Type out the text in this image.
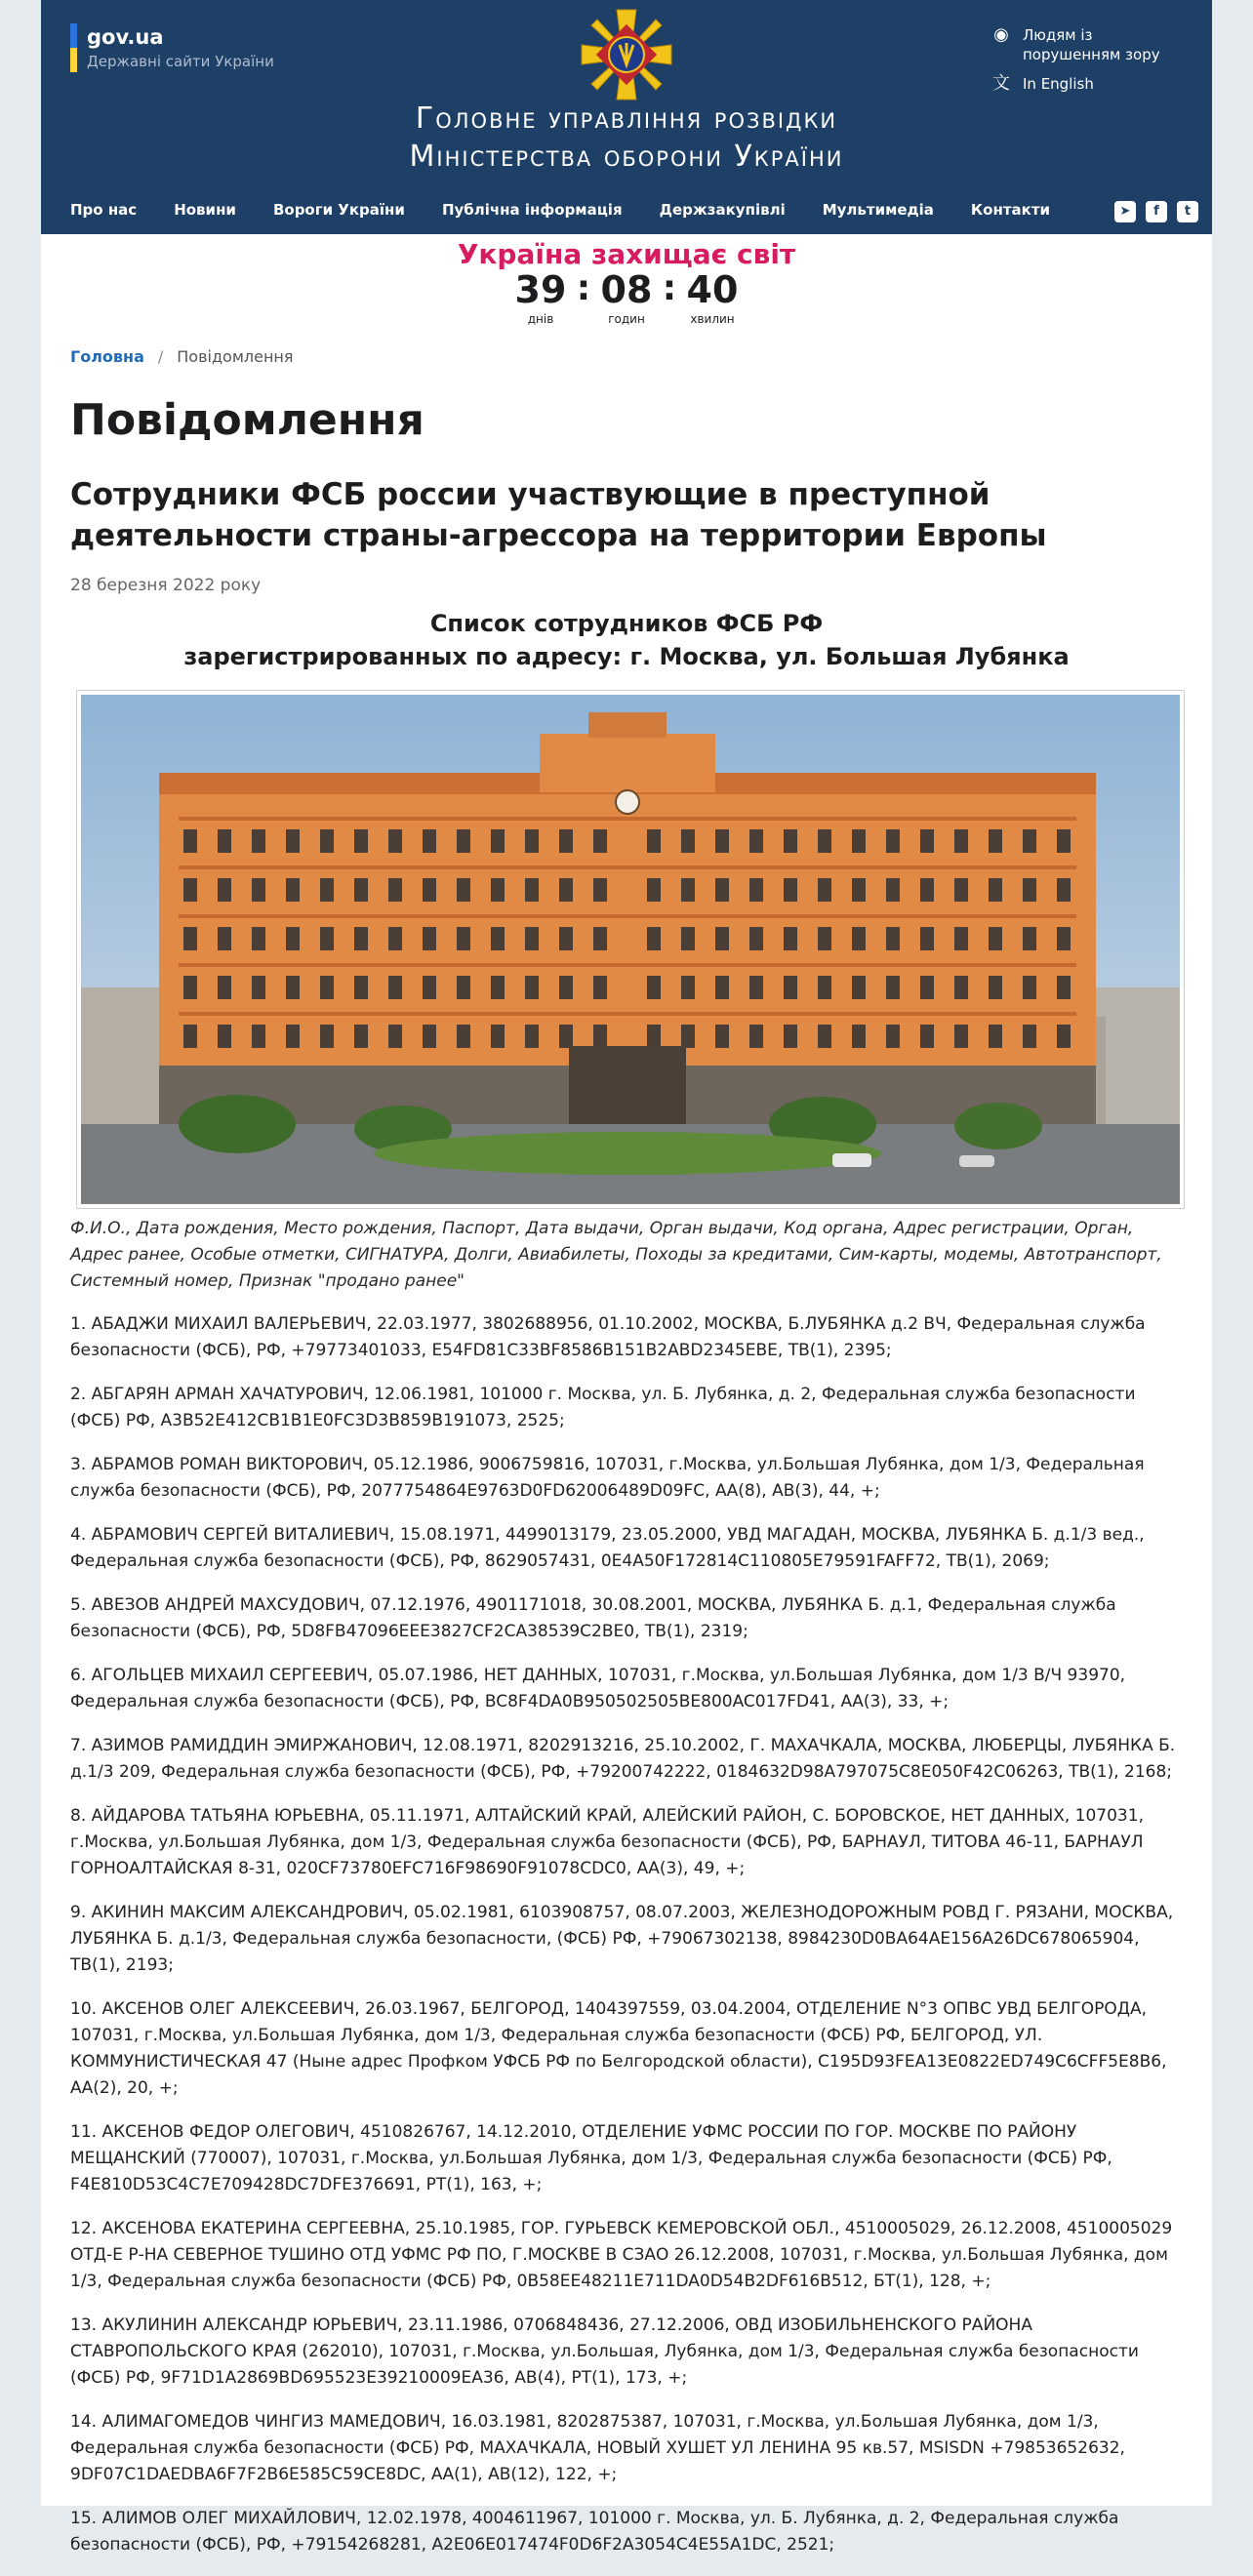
gov.ua
Державні сайти України
Головне управління розвідки
Міністерства оборони України
◉ Людям із порушенням зору
文 In English
Про нас	Новини	Вороги України	Публічна інформація	Держзакупівлі	Мультимедіа	Контакти	➤	f	t
Україна захищає світ
39
днів
: 08
годин
: 40
хвилин
Головна / Повідомлення
Повідомлення
Сотрудники ФСБ россии участвующие в преступной деятельности страны-агрессора на территории Европы
28 березня 2022 року
Список сотрудников ФСБ РФ
зарегистрированных по адресу: г. Москва, ул. Большая Лубянка
Ф.И.О., Дата рождения, Место рождения, Паспорт, Дата выдачи, Орган выдачи, Код органа, Адрес регистрации, Орган, Адрес ранее, Особые отметки, СИГНАТУРА, Долги, Авиабилеты, Походы за кредитами, Сим-карты, модемы, Автотранспорт, Системный номер, Признак "продано ранее"

1. АБАДЖИ МИХАИЛ ВАЛЕРЬЕВИЧ, 22.03.1977, 3802688956, 01.10.2002, МОСКВА, Б.ЛУБЯНКА д.2 ВЧ, Федеральная служба безопасности (ФСБ), РФ, +79773401033, E54FD81C33BF8586B151B2ABD2345EBE, ТВ(1), 2395;

2. АБГАРЯН АРМАН ХАЧАТУРОВИЧ, 12.06.1981, 101000 г. Москва, ул. Б. Лубянка, д. 2, Федеральная служба безопасности (ФСБ) РФ, A3B52E412CB1B1E0FC3D3B859B191073, 2525;

3. АБРАМОВ РОМАН ВИКТОРОВИЧ, 05.12.1986, 9006759816, 107031, г.Москва, ул.Большая Лубянка, дом 1/3, Федеральная служба безопасности (ФСБ), РФ, 2077754864E9763D0FD62006489D09FC, АА(8), АВ(3), 44, +;

4. АБРАМОВИЧ СЕРГЕЙ ВИТАЛИЕВИЧ, 15.08.1971, 4499013179, 23.05.2000, УВД МАГАДАН, МОСКВА, ЛУБЯНКА Б. д.1/3 вед., Федеральная служба безопасности (ФСБ), РФ, 8629057431, 0E4A50F172814C110805E79591FAFF72, ТВ(1), 2069;

5. АВЕЗОВ АНДРЕЙ МАХСУДОВИЧ, 07.12.1976, 4901171018, 30.08.2001, МОСКВА, ЛУБЯНКА Б. д.1, Федеральная служба безопасности (ФСБ), РФ, 5D8FB47096EEE3827CF2CA38539C2BE0, ТВ(1), 2319;

6. АГОЛЬЦЕВ МИХАИЛ СЕРГЕЕВИЧ, 05.07.1986, НЕТ ДАННЫХ, 107031, г.Москва, ул.Большая Лубянка, дом 1/3 В/Ч 93970, Федеральная служба безопасности (ФСБ), РФ, BC8F4DA0B950502505BE800AC017FD41, АА(3), 33, +;

7. АЗИМОВ РАМИДДИН ЭМИРЖАНОВИЧ, 12.08.1971, 8202913216, 25.10.2002, Г. МАХАЧКАЛА, МОСКВА, ЛЮБЕРЦЫ, ЛУБЯНКА Б. д.1/3 209, Федеральная служба безопасности (ФСБ), РФ, +79200742222, 0184632D98A797075C8E050F42C06263, ТВ(1), 2168;

8. АЙДАРОВА ТАТЬЯНА ЮРЬЕВНА, 05.11.1971, АЛТАЙСКИЙ КРАЙ, АЛЕЙСКИЙ РАЙОН, С. БОРОВСКОЕ, НЕТ ДАННЫХ, 107031, г.Москва, ул.Большая Лубянка, дом 1/3, Федеральная служба безопасности (ФСБ), РФ, БАРНАУЛ, ТИТОВА 46-11, БАРНАУЛ ГОРНОАЛТАЙСКАЯ 8-31, 020CF73780EFC716F98690F91078CDC0, АА(3), 49, +;

9. АКИНИН МАКСИМ АЛЕКСАНДРОВИЧ, 05.02.1981, 6103908757, 08.07.2003, ЖЕЛЕЗНОДОРОЖНЫМ РОВД Г. РЯЗАНИ, МОСКВА, ЛУБЯНКА Б. д.1/3, Федеральная служба безопасности, (ФСБ) РФ, +79067302138, 8984230D0BA64AE156A26DC678065904, ТВ(1), 2193;

10. АКСЕНОВ ОЛЕГ АЛЕКСЕЕВИЧ, 26.03.1967, БЕЛГОРОД, 1404397559, 03.04.2004, ОТДЕЛЕНИЕ N°3 ОПВС УВД БЕЛГОРОДА, 107031, г.Москва, ул.Большая Лубянка, дом 1/3, Федеральная служба безопасности (ФСБ) РФ, БЕЛГОРОД, УЛ. КОММУНИСТИЧЕСКАЯ 47 (Ныне адрес Профком УФСБ РФ по Белгородской области), C195D93FEA13E0822ED749C6CFF5E8B6, АА(2), 20, +;

11. АКСЕНОВ ФЕДОР ОЛЕГОВИЧ, 4510826767, 14.12.2010, ОТДЕЛЕНИЕ УФМС РОССИИ ПО ГОР. МОСКВЕ ПО РАЙОНУ МЕЩАНСКИЙ (770007), 107031, г.Москва, ул.Большая Лубянка, дом 1/3, Федеральная служба безопасности (ФСБ) РФ, F4E810D53C4C7E709428DC7DFE376691, РТ(1), 163, +;

12. АКСЕНОВА ЕКАТЕРИНА СЕРГЕЕВНА, 25.10.1985, ГОР. ГУРЬЕВСК КЕМЕРОВСКОЙ ОБЛ., 4510005029, 26.12.2008, 4510005029 ОТД-Е Р-НА СЕВЕРНОЕ ТУШИНО ОТД УФМС РФ ПО, Г.МОСКВЕ В СЗАО 26.12.2008, 107031, г.Москва, ул.Большая Лубянка, дом 1/3, Федеральная служба безопасности (ФСБ) РФ, 0B58EE48211E711DA0D54B2DF616B512, БТ(1), 128, +;

13. АКУЛИНИН АЛЕКСАНДР ЮРЬЕВИЧ, 23.11.1986, 0706848436, 27.12.2006, ОВД ИЗОБИЛЬНЕНСКОГО РАЙОНА СТАВРОПОЛЬСКОГО КРАЯ (262010), 107031, г.Москва, ул.Большая, Лубянка, дом 1/3, Федеральная служба безопасности (ФСБ) РФ, 9F71D1A2869BD695523E39210009EA36, АВ(4), РТ(1), 173, +;

14. АЛИМАГОМЕДОВ ЧИНГИЗ МАМЕДОВИЧ, 16.03.1981, 8202875387, 107031, г.Москва, ул.Большая Лубянка, дом 1/3, Федеральная служба безопасности (ФСБ) РФ, МАХАЧКАЛА, НОВЫЙ ХУШЕТ УЛ ЛЕНИНА 95 кв.57, MSISDN +79853652632, 9DF07C1DAEDBA6F7F2B6E585C59CE8DC, АА(1), АВ(12), 122, +;

15. АЛИМОВ ОЛЕГ МИХАЙЛОВИЧ, 12.02.1978, 4004611967, 101000 г. Москва, ул. Б. Лубянка, д. 2, Федеральная служба безопасности (ФСБ), РФ, +79154268281, A2E06E017474F0D6F2A3054C4E55A1DC, 2521;
